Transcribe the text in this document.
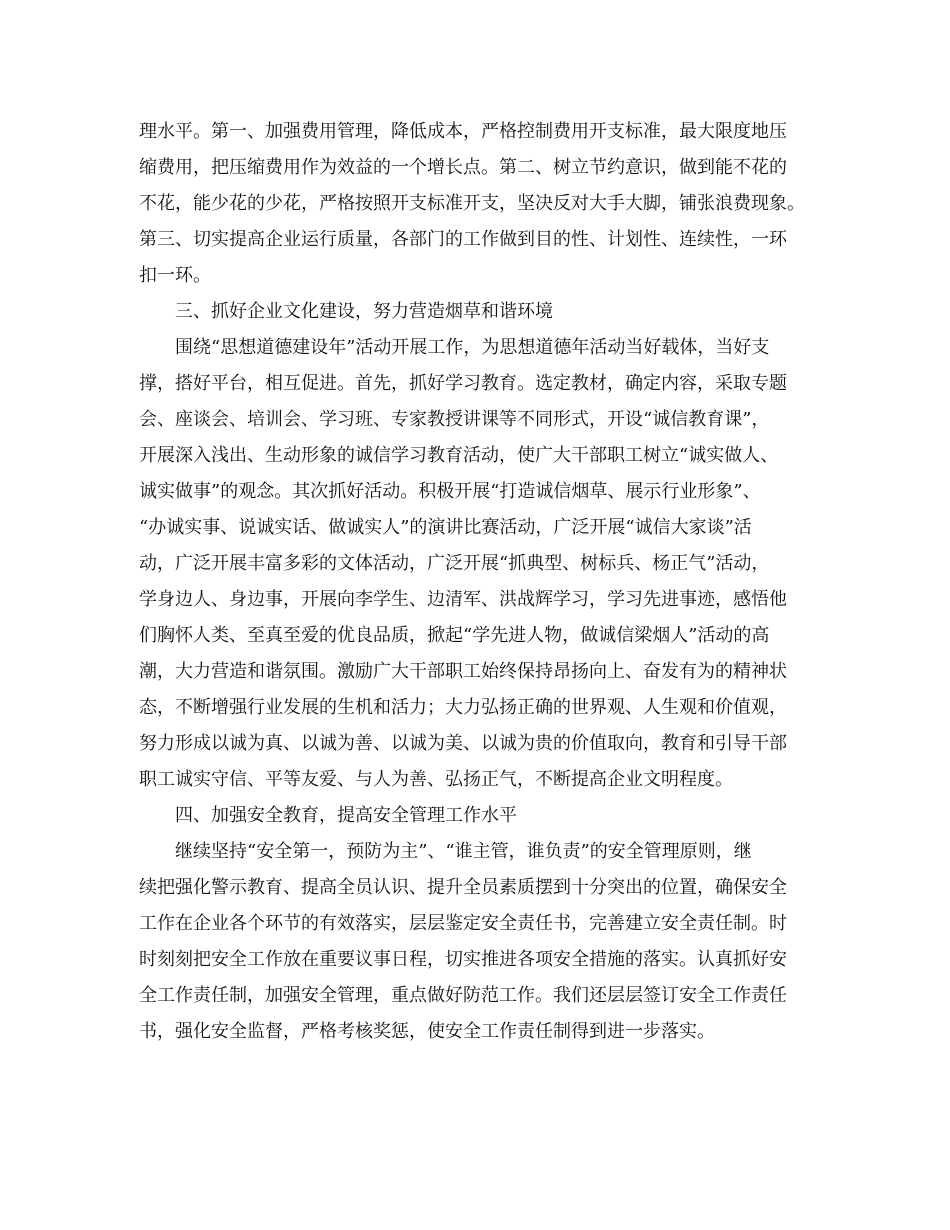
理水平。第一、加强费用管理，降低成本，严格控制费用开支标准，最大限度地压
缩费用，把压缩费用作为效益的一个增长点。第二、树立节约意识，做到能不花的
不花，能少花的少花，严格按照开支标准开支，坚决反对大手大脚，铺张浪费现象。
第三、切实提高企业运行质量，各部门的工作做到目的性、计划性、连续性，一环
扣一环。
三、抓好企业文化建设，努力营造烟草和谐环境
围绕“思想道德建设年”活动开展工作，为思想道德年活动当好载体，当好支
撑，搭好平台，相互促进。首先，抓好学习教育。选定教材，确定内容，采取专题
会、座谈会、培训会、学习班、专家教授讲课等不同形式，开设“诚信教育课”，
开展深入浅出、生动形象的诚信学习教育活动，使广大干部职工树立“诚实做人、
诚实做事”的观念。其次抓好活动。积极开展“打造诚信烟草、展示行业形象”、
“办诚实事、说诚实话、做诚实人”的演讲比赛活动，广泛开展“诚信大家谈”活
动，广泛开展丰富多彩的文体活动，广泛开展“抓典型、树标兵、杨正气”活动，
学身边人、身边事，开展向李学生、边清军、洪战辉学习，学习先进事迹，感悟他
们胸怀人类、至真至爱的优良品质，掀起“学先进人物，做诚信梁烟人”活动的高
潮，大力营造和谐氛围。激励广大干部职工始终保持昂扬向上、奋发有为的精神状
态，不断增强行业发展的生机和活力；大力弘扬正确的世界观、人生观和价值观，
努力形成以诚为真、以诚为善、以诚为美、以诚为贵的价值取向，教育和引导干部
职工诚实守信、平等友爱、与人为善、弘扬正气，不断提高企业文明程度。
四、加强安全教育，提高安全管理工作水平
继续坚持“安全第一，预防为主”、“谁主管，谁负责”的安全管理原则，继
续把强化警示教育、提高全员认识、提升全员素质摆到十分突出的位置，确保安全
工作在企业各个环节的有效落实，层层鉴定安全责任书，完善建立安全责任制。时
时刻刻把安全工作放在重要议事日程，切实推进各项安全措施的落实。认真抓好安
全工作责任制，加强安全管理，重点做好防范工作。我们还层层签订安全工作责任
书，强化安全监督，严格考核奖惩，使安全工作责任制得到进一步落实。
